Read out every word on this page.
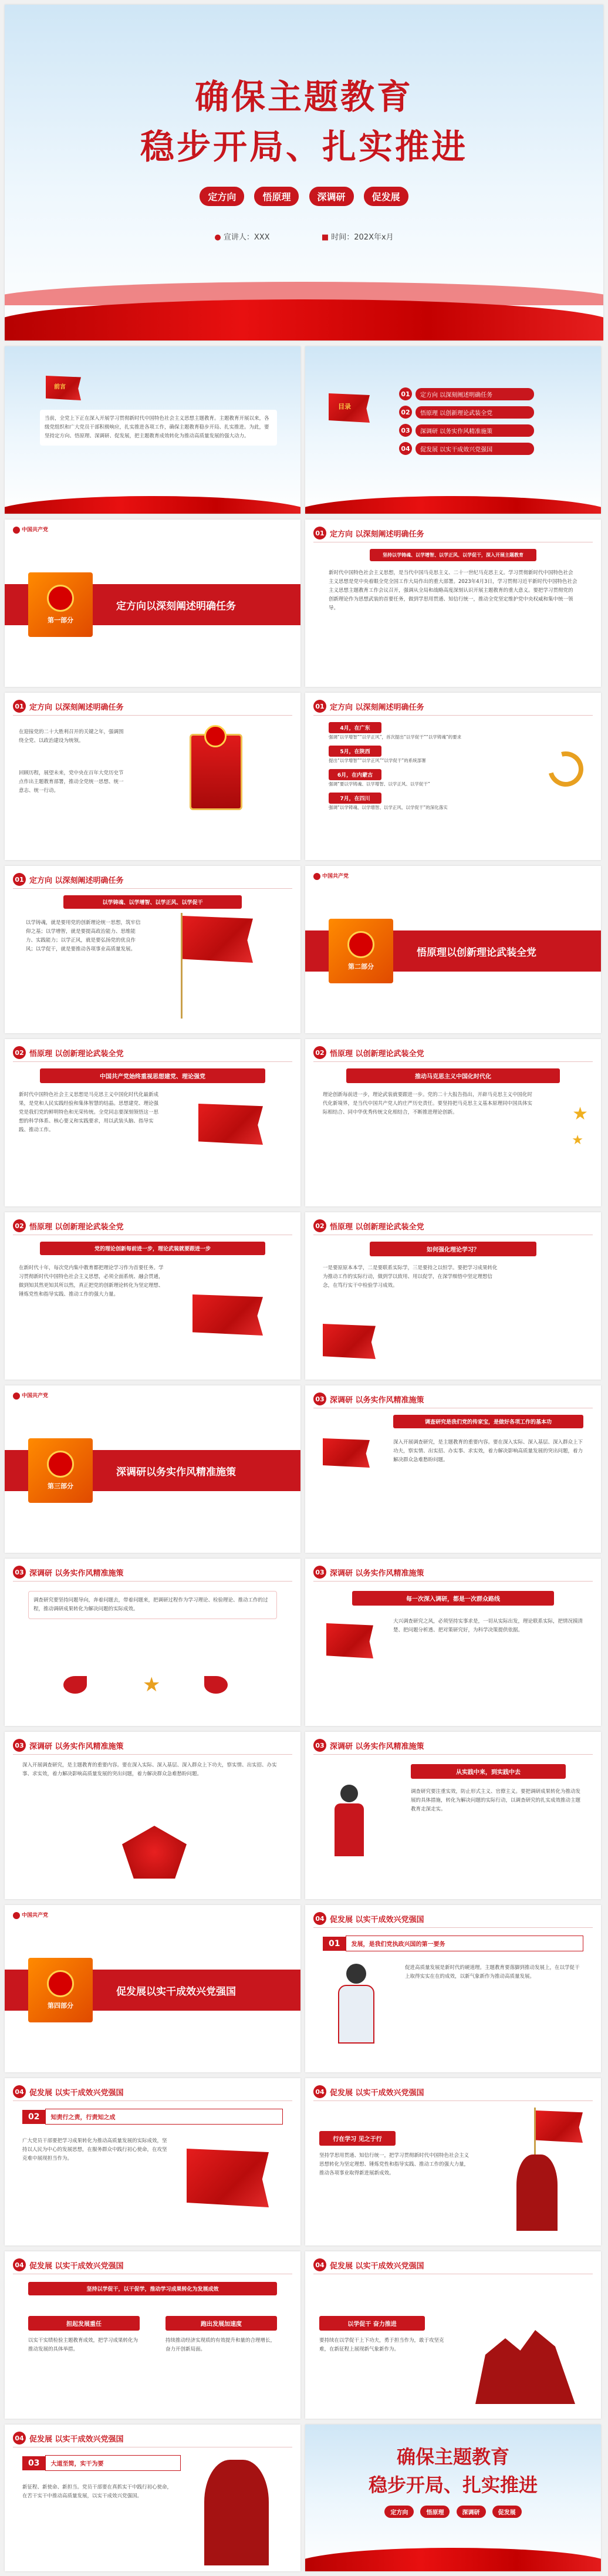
确保主题教育
稳步开局、扎实推进
定方向	悟原理	深调研	促发展
● 宣讲人：XXX	■ 时间：202X年x月
前言
当前，全党上下正在深入开展学习贯彻新时代中国特色社会主义思想主题教育。主题教育开展以来，各级党组织和广大党员干部积极响应，扎实推进各项工作，确保主题教育稳步开局、扎实推进。为此，要坚持定方向、悟原理、深调研、促发展，把主题教育成效转化为推动高质量发展的强大动力。
目录
01	定方向 以深刻阐述明确任务
02	悟原理 以创新理论武装全党
03	深调研 以务实作风精准施策
04	促发展 以实干成效兴党强国
中国共产党
定方向以深刻阐述明确任务
第一部分
01 定方向 以深刻阐述明确任务
坚持以学铸魂、以学增智、以学正风、以学促干，深入开展主题教育
新时代中国特色社会主义思想，是当代中国马克思主义、二十一世纪马克思主义。学习贯彻新时代中国特色社会主义思想是党中央着眼全党全国工作大局作出的重大部署。2023年4月3日，学习贯彻习近平新时代中国特色社会主义思想主题教育工作会议召开，强调从全局和战略高度深刻认识开展主题教育的重大意义。要把学习贯彻党的创新理论作为思想武装的首要任务，做到学思用贯通、知信行统一，推动全党坚定维护党中央权威和集中统一领导。
01 定方向 以深刻阐述明确任务
在迎接党的二十大胜利召开的关键之年，强调围绕全党、以政治建设为统领。
回顾历程，展望未来，党中央在百年大党历史节点作出主题教育部署，推动全党统一思想、统一意志、统一行动。
01 定方向 以深刻阐述明确任务
4月，在广东
强调“以学增智”“以学正风”，首次提出“以学促干”“以学铸魂”的要求
5月，在陕西
提出“以学增智”“以学正风”“以学促干”的系统部署
6月，在内蒙古
强调“要以学铸魂、以学增智、以学正风、以学促干”
7月，在四川
强调“以学铸魂、以学增智、以学正风、以学促干”的深化落实
01 定方向 以深刻阐述明确任务
以学铸魂、以学增智、以学正风、以学促干
以学铸魂，就是要用党的创新理论统一思想，筑牢信仰之基；以学增智，就是要提高政治能力、思维能力、实践能力；以学正风，就是要弘扬党的优良作风；以学促干，就是要推动各项事业高质量发展。
中国共产党
悟原理以创新理论武装全党
第二部分
02 悟原理 以创新理论武装全党
中国共产党始终重视思想建党、理论强党
新时代中国特色社会主义思想是马克思主义中国化时代化最新成果，是党和人民实践经验和集体智慧的结晶。思想建党、理论强党是我们党的鲜明特色和光荣传统。全党同志要深刻领悟这一思想的科学体系、核心要义和实践要求，用以武装头脑、指导实践、推动工作。
02 悟原理 以创新理论武装全党
推动马克思主义中国化时代化
理论创新每前进一步，理论武装就要跟进一步。党的二十大报告指出，开辟马克思主义中国化时代化新境界，是当代中国共产党人的庄严历史责任。要坚持把马克思主义基本原理同中国具体实际相结合、同中华优秀传统文化相结合，不断推进理论创新。	★
★
02 悟原理 以创新理论武装全党
党的理论创新每前进一步，理论武装就要跟进一步
在新时代十年，每次党内集中教育都把理论学习作为首要任务。学习贯彻新时代中国特色社会主义思想，必须全面系统、融会贯通，做到知其然更知其所以然，真正把党的创新理论转化为坚定理想、锤炼党性和指导实践、推动工作的强大力量。
02 悟原理 以创新理论武装全党
如何强化理论学习？
一是要原原本本学，二是要联系实际学，三是要持之以恒学。要把学习成果转化为推动工作的实际行动，做到学以致用、用以促学，在深学细悟中坚定理想信念，在笃行实干中检验学习成效。
中国共产党
深调研以务实作风精准施策
第三部分
03 深调研 以务实作风精准施策
调查研究是我们党的传家宝，是做好各项工作的基本功
深入开展调查研究，是主题教育的重要内容。要在深入实际、深入基层、深入群众上下功夫，察实情、出实招、办实事、求实效，着力解决影响高质量发展的突出问题，着力解决群众急难愁盼问题。
03 深调研 以务实作风精准施策
调查研究要坚持问题导向，奔着问题去，带着问题来，把调研过程作为学习理论、检验理论、推动工作的过程，推动调研成果转化为解决问题的实际成效。
★
03 深调研 以务实作风精准施策
每一次深入调研，都是一次群众路线
大兴调查研究之风，必须坚持实事求是，一切从实际出发，理论联系实际，把情况摸清楚、把问题分析透、把对策研究好，为科学决策提供依据。
03 深调研 以务实作风精准施策
深入开展调查研究，是主题教育的重要内容。要在深入实际、深入基层、深入群众上下功夫，察实情、出实招、办实事、求实效，着力解决影响高质量发展的突出问题，着力解决群众急难愁盼问题。
03 深调研 以务实作风精准施策
从实践中来，到实践中去
调查研究要注重实效，防止形式主义、官僚主义。要把调研成果转化为推动发展的具体措施，转化为解决问题的实际行动，以调查研究的扎实成效推动主题教育走深走实。
中国共产党
促发展以实干成效兴党强国
第四部分
04 促发展 以实干成效兴党强国
01	发展，是我们党执政兴国的第一要务
促进高质量发展是新时代的硬道理。主题教育要落脚到推动发展上，在以学促干上取得实实在在的成效，以新气象新作为推动高质量发展。
04 促发展 以实干成效兴党强国
02	知责行之责，行责知之成
广大党员干部要把学习成果转化为推动高质量发展的实际成效，坚持以人民为中心的发展思想，在服务群众中践行初心使命，在攻坚克难中展现担当作为。
04 促发展 以实干成效兴党强国
行在学习 见之于行
坚持学思用贯通、知信行统一，把学习贯彻新时代中国特色社会主义思想转化为坚定理想、锤炼党性和指导实践、推动工作的强大力量，推动各项事业取得新进展新成效。
04 促发展 以实干成效兴党强国
坚持以学促干，以干促学，推动学习成果转化为发展成效
担起发展重任	跑出发展加速度
以实干实绩检验主题教育成效，把学习成果转化为推动发展的具体举措。
持续推动经济实现质的有效提升和量的合理增长，奋力开创新局面。
04 促发展 以实干成效兴党强国
以学促干 奋力推进
要持续在以学促干上下功夫，勇于担当作为，敢于攻坚克难，在新征程上展现新气象新作为。
04 促发展 以实干成效兴党强国
03	大道至简，实干为要
新征程、新使命、新担当。党员干部要在真抓实干中践行初心使命，在苦干实干中推动高质量发展，以实干成效兴党强国。
确保主题教育
稳步开局、扎实推进
定方向	悟原理	深调研	促发展
